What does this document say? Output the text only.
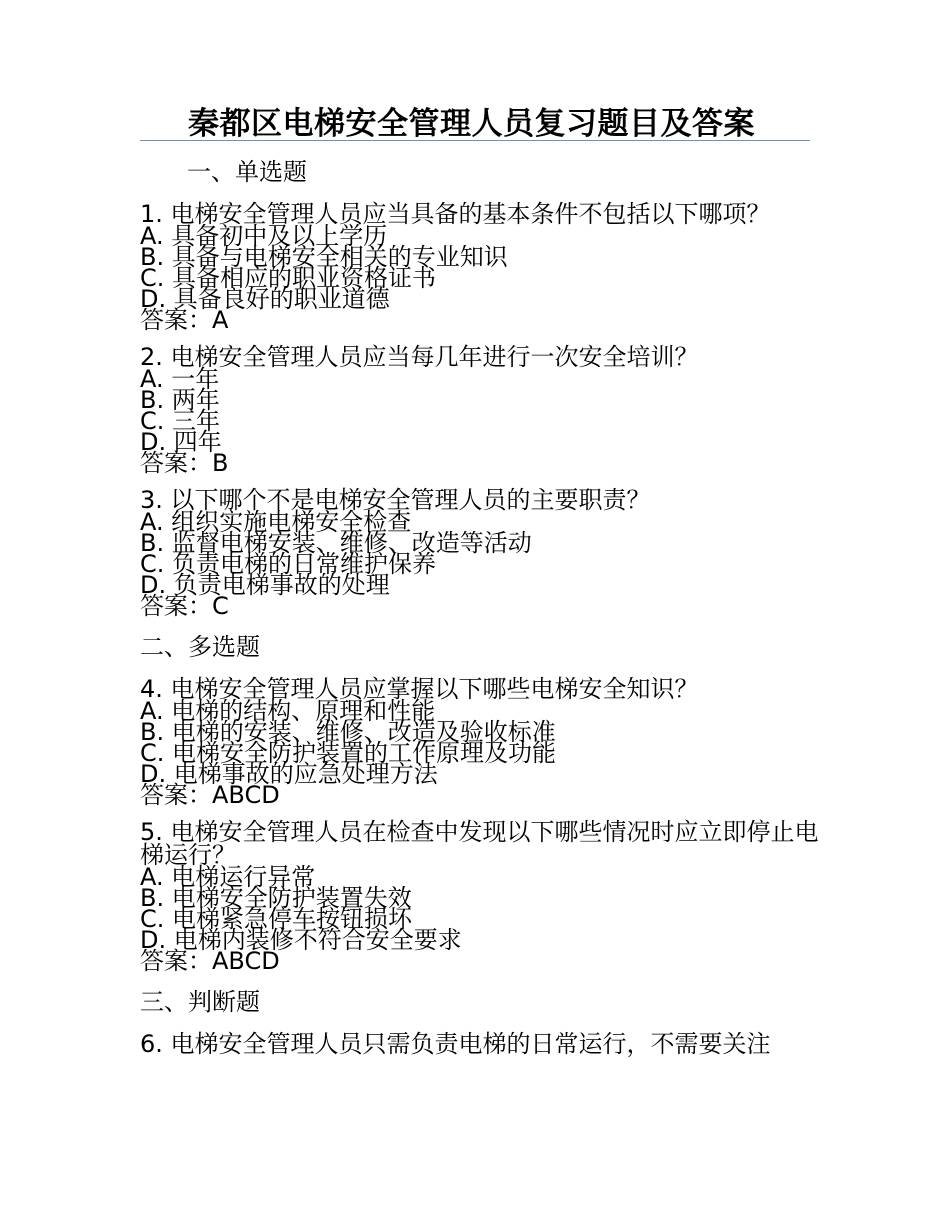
秦都区电梯安全管理人员复习题目及答案
一、单选题
1. 电梯安全管理人员应当具备的基本条件不包括以下哪项？
A. 具备初中及以上学历
B. 具备与电梯安全相关的专业知识
C. 具备相应的职业资格证书
D. 具备良好的职业道德
答案：A
2. 电梯安全管理人员应当每几年进行一次安全培训？
A. 一年
B. 两年
C. 三年
D. 四年
答案：B
3. 以下哪个不是电梯安全管理人员的主要职责？
A. 组织实施电梯安全检查
B. 监督电梯安装、维修、改造等活动
C. 负责电梯的日常维护保养
D. 负责电梯事故的处理
答案：C
二、多选题
4. 电梯安全管理人员应掌握以下哪些电梯安全知识？
A. 电梯的结构、原理和性能
B. 电梯的安装、维修、改造及验收标准
C. 电梯安全防护装置的工作原理及功能
D. 电梯事故的应急处理方法
答案：ABCD
5. 电梯安全管理人员在检查中发现以下哪些情况时应立即停止电梯运行？
A. 电梯运行异常
B. 电梯安全防护装置失效
C. 电梯紧急停车按钮损坏
D. 电梯内装修不符合安全要求
答案：ABCD
三、判断题
6. 电梯安全管理人员只需负责电梯的日常运行，不需要关注
